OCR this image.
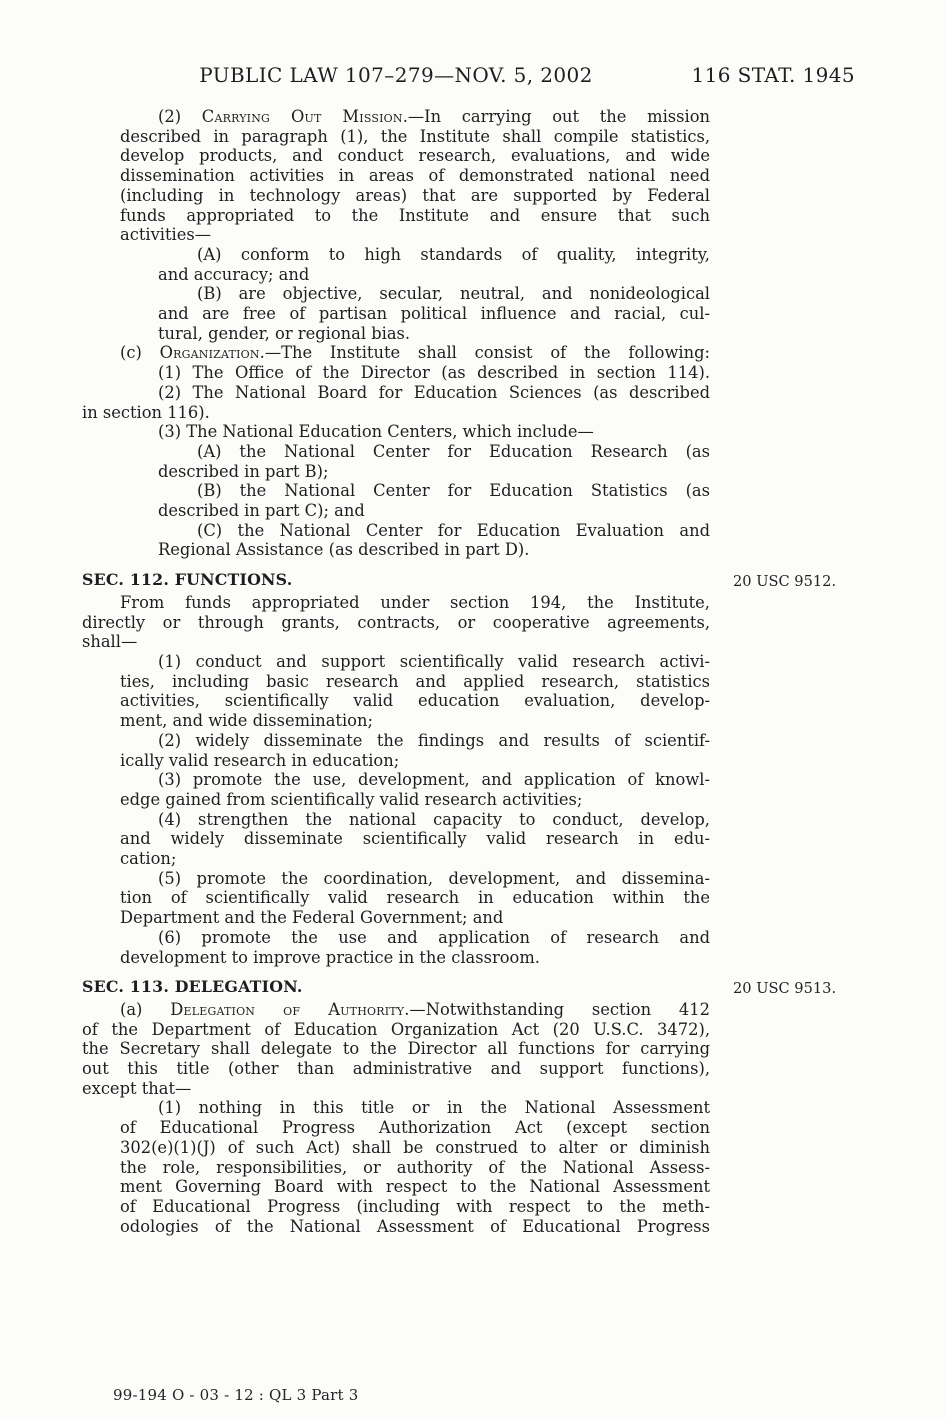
PUBLIC LAW 107–279—NOV. 5, 2002	116 STAT. 1945
(2) Carrying Out Mission.—In carrying out the mission
described in paragraph (1), the Institute shall compile statistics,
develop products, and conduct research, evaluations, and wide
dissemination activities in areas of demonstrated national need
(including in technology areas) that are supported by Federal
funds appropriated to the Institute and ensure that such
activities—
(A) conform to high standards of quality, integrity,
and accuracy; and
(B) are objective, secular, neutral, and nonideological
and are free of partisan political influence and racial, cul-
tural, gender, or regional bias.
(c) Organization.—The Institute shall consist of the following:
(1) The Office of the Director (as described in section 114).
(2) The National Board for Education Sciences (as described
in section 116).
(3) The National Education Centers, which include—
(A) the National Center for Education Research (as
described in part B);
(B) the National Center for Education Statistics (as
described in part C); and
(C) the National Center for Education Evaluation and
Regional Assistance (as described in part D).
SEC. 112. FUNCTIONS.	20 USC 9512.
From funds appropriated under section 194, the Institute,
directly or through grants, contracts, or cooperative agreements,
shall—
(1) conduct and support scientifically valid research activi-
ties, including basic research and applied research, statistics
activities, scientifically valid education evaluation, develop-
ment, and wide dissemination;
(2) widely disseminate the findings and results of scientif-
ically valid research in education;
(3) promote the use, development, and application of knowl-
edge gained from scientifically valid research activities;
(4) strengthen the national capacity to conduct, develop,
and widely disseminate scientifically valid research in edu-
cation;
(5) promote the coordination, development, and dissemina-
tion of scientifically valid research in education within the
Department and the Federal Government; and
(6) promote the use and application of research and
development to improve practice in the classroom.
SEC. 113. DELEGATION.	20 USC 9513.
(a) Delegation of Authority.—Notwithstanding section 412
of the Department of Education Organization Act (20 U.S.C. 3472),
the Secretary shall delegate to the Director all functions for carrying
out this title (other than administrative and support functions),
except that—
(1) nothing in this title or in the National Assessment
of Educational Progress Authorization Act (except section
302(e)(1)(J) of such Act) shall be construed to alter or diminish
the role, responsibilities, or authority of the National Assess-
ment Governing Board with respect to the National Assessment
of Educational Progress (including with respect to the meth-
odologies of the National Assessment of Educational Progress
99-194 O - 03 - 12 : QL 3 Part 3
